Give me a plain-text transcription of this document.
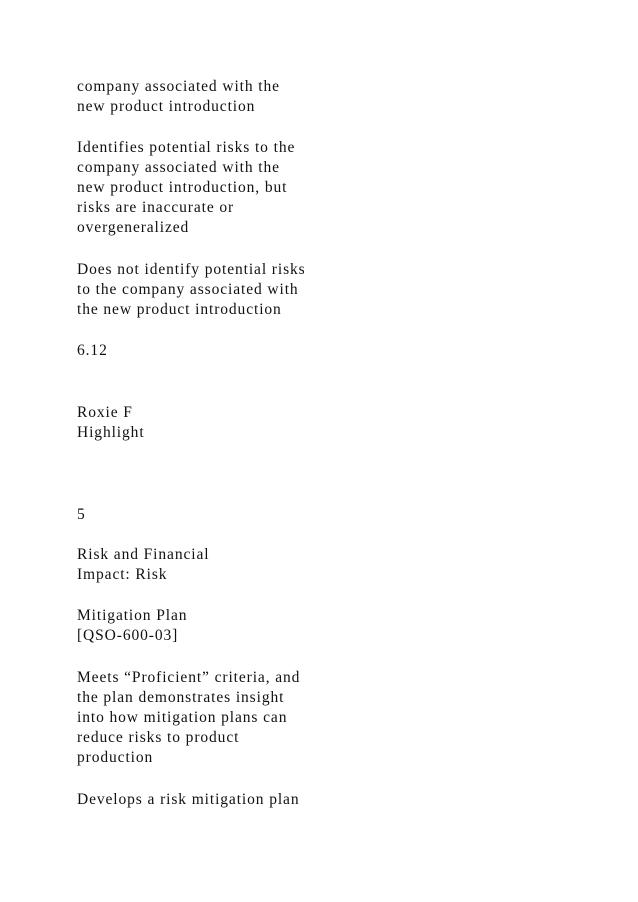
company associated with the

new product introduction

Identifies potential risks to the

company associated with the

new product introduction, but

risks are inaccurate or

overgeneralized

Does not identify potential risks

to the company associated with

the new product introduction

6.12

Roxie F

Highlight

5

Risk and Financial

Impact: Risk

Mitigation Plan

[QSO-600-03]

Meets “Proficient” criteria, and

the plan demonstrates insight

into how mitigation plans can

reduce risks to product

production

Develops a risk mitigation plan
